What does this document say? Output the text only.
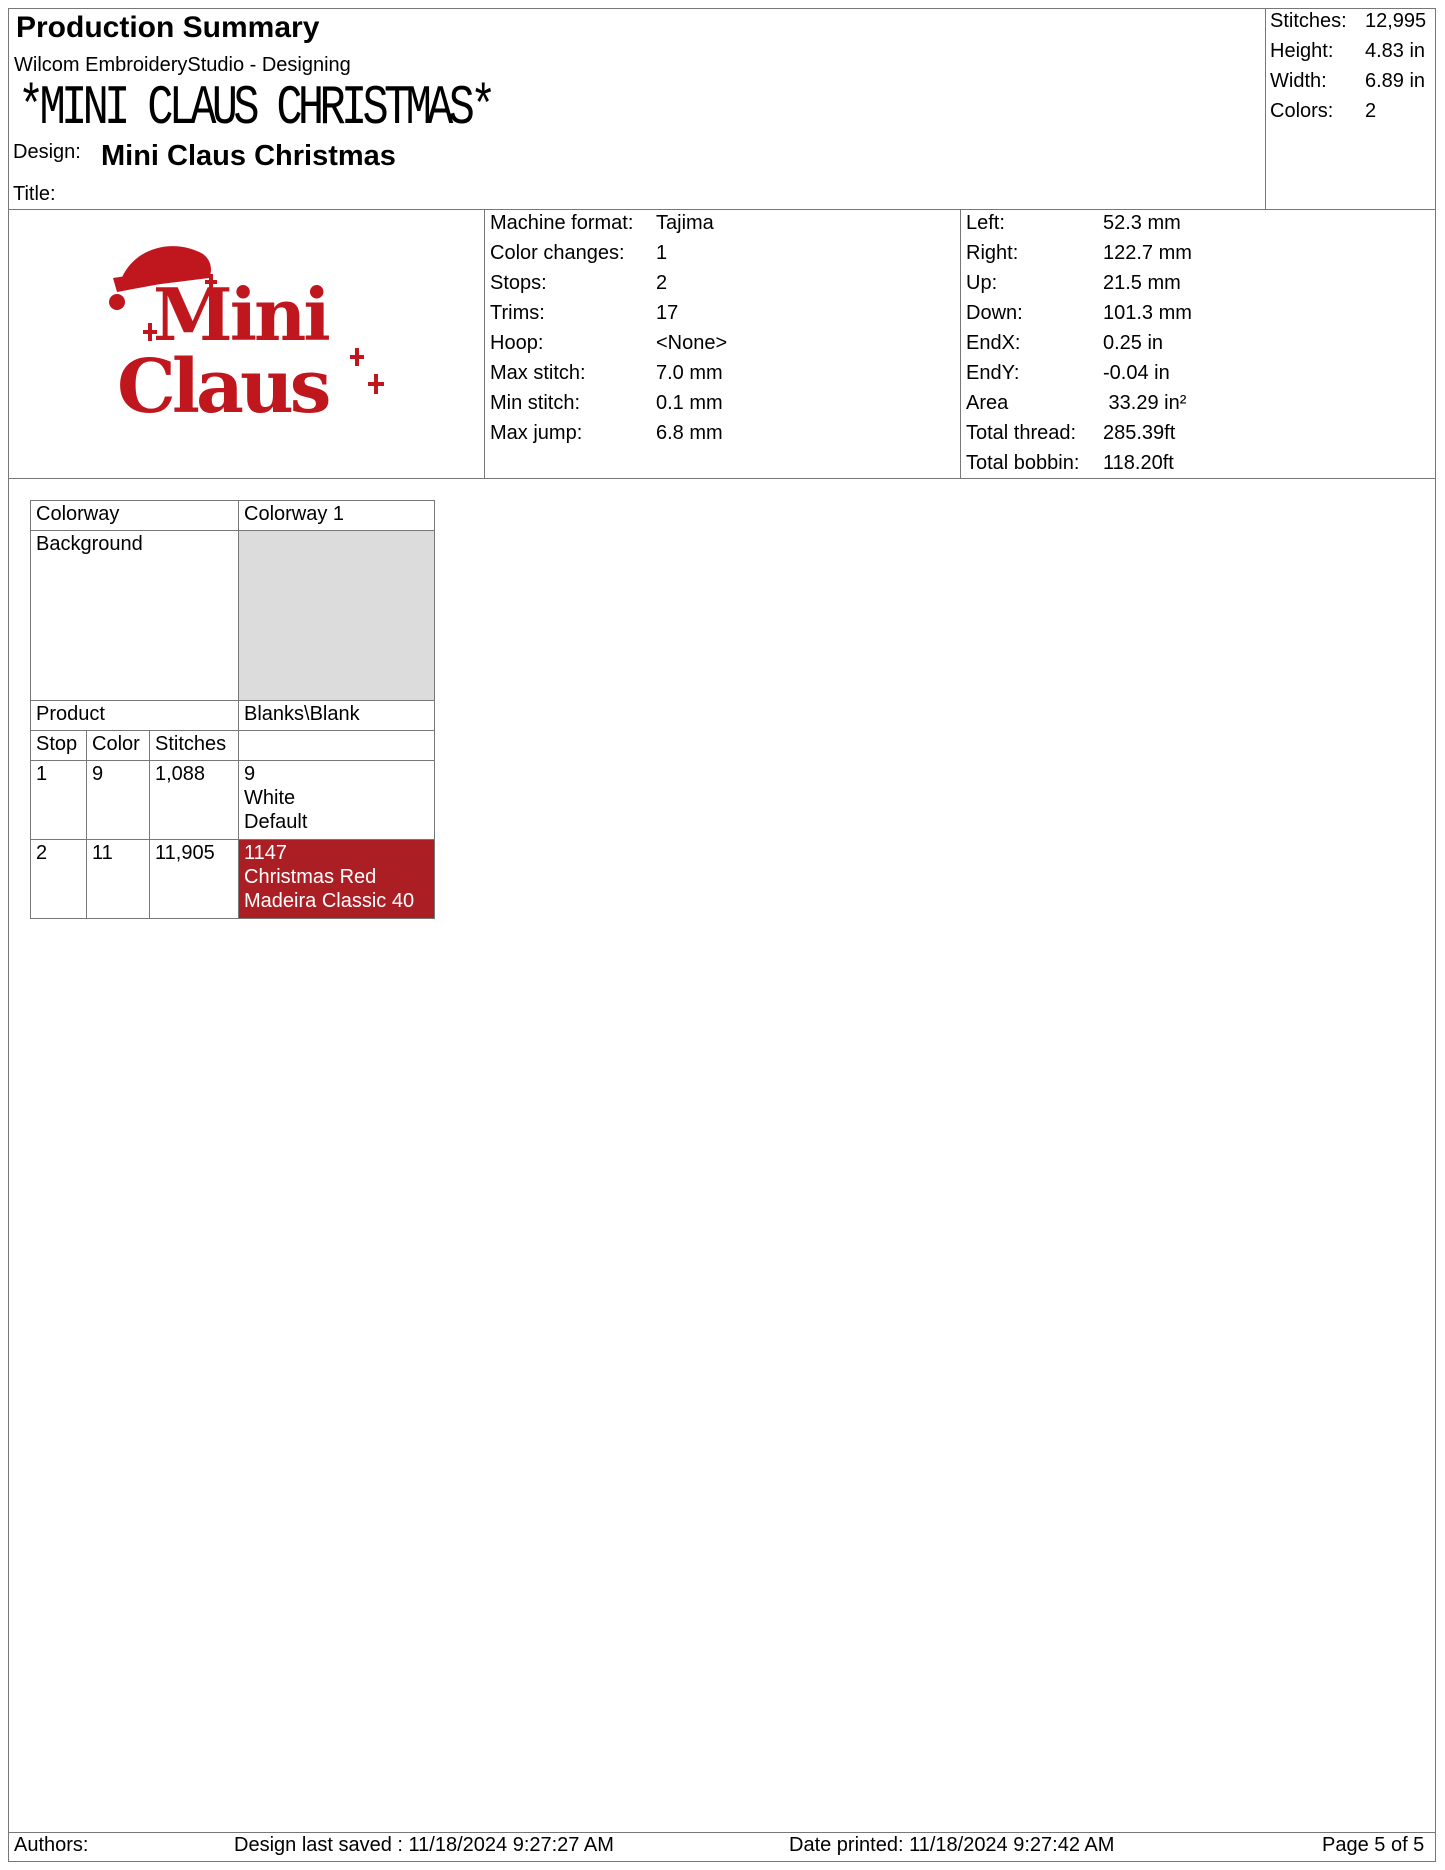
Production Summary
Wilcom EmbroideryStudio - Designing
*MINI CLAUS CHRISTMAS*
Design: Mini Claus Christmas
Title:
Stitches: 12,995
Height: 4.83 in
Width: 6.89 in
Colors: 2
Mini
Claus
Machine format: Tajima
Color changes: 1
Stops:	2
Trims:	17
Hoop:	<None>
Max stitch:	7.0 mm
Min stitch:	0.1 mm
Max jump:	6.8 mm
Left:	52.3 mm
Right:	122.7 mm
Up:	21.5 mm
Down:	101.3 mm
EndX:	0.25 in
EndY:	-0.04 in
Area	33.29 in²
Total thread: 285.39ft
Total bobbin: 118.20ft
Colorway			Colorway 1
Background			
Product			Blanks\Blank
Stop	Color	Stitches	
1	9	1,088	9
White
Default

2	11	11,905	1147
Christmas Red
Madeira Classic 40
Authors:	Design last saved : 11/18/2024 9:27:27 AM	Date printed: 11/18/2024 9:27:42 AM	Page 5 of 5
